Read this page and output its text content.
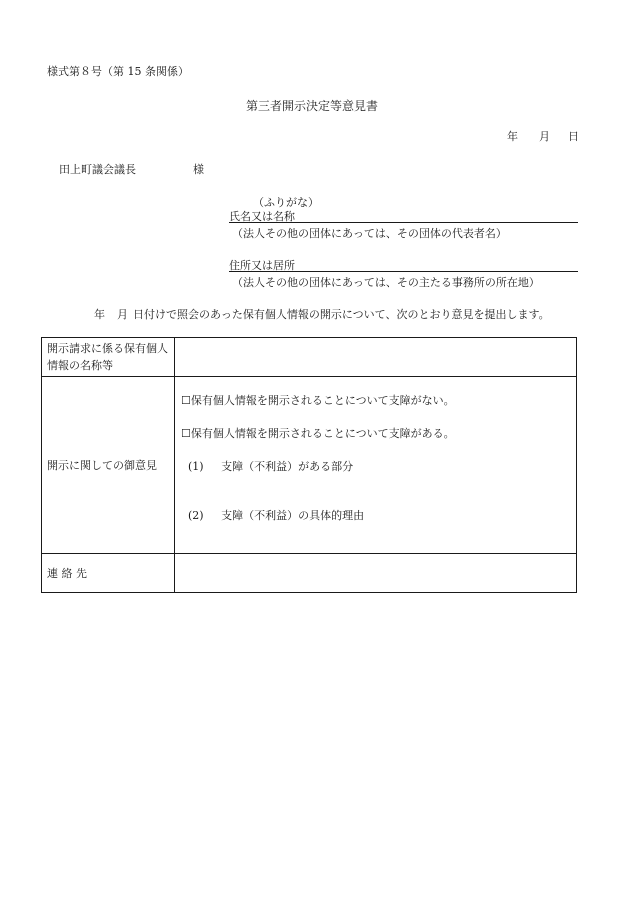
様式第８号（第 15 条関係）
第三者開示決定等意見書
年 月 日
田上町議会議長	様
（ふりがな）
氏名又は名称
（法人その他の団体にあっては、その団体の代表者名）
住所又は居所
（法人その他の団体にあっては、その主たる事務所の所在地）
年 月 日付けで照会のあった保有個人情報の開示について、次のとおり意見を提出します。
開示請求に係る保有個人情報の名称等	

開示に関しての御意見	☐保有個人情報を開示されることについて支障がない。
☐保有個人情報を開示されることについて支障がある。
(1) 支障（不利益）がある部分
(2) 支障（不利益）の具体的理由

連 絡 先	
